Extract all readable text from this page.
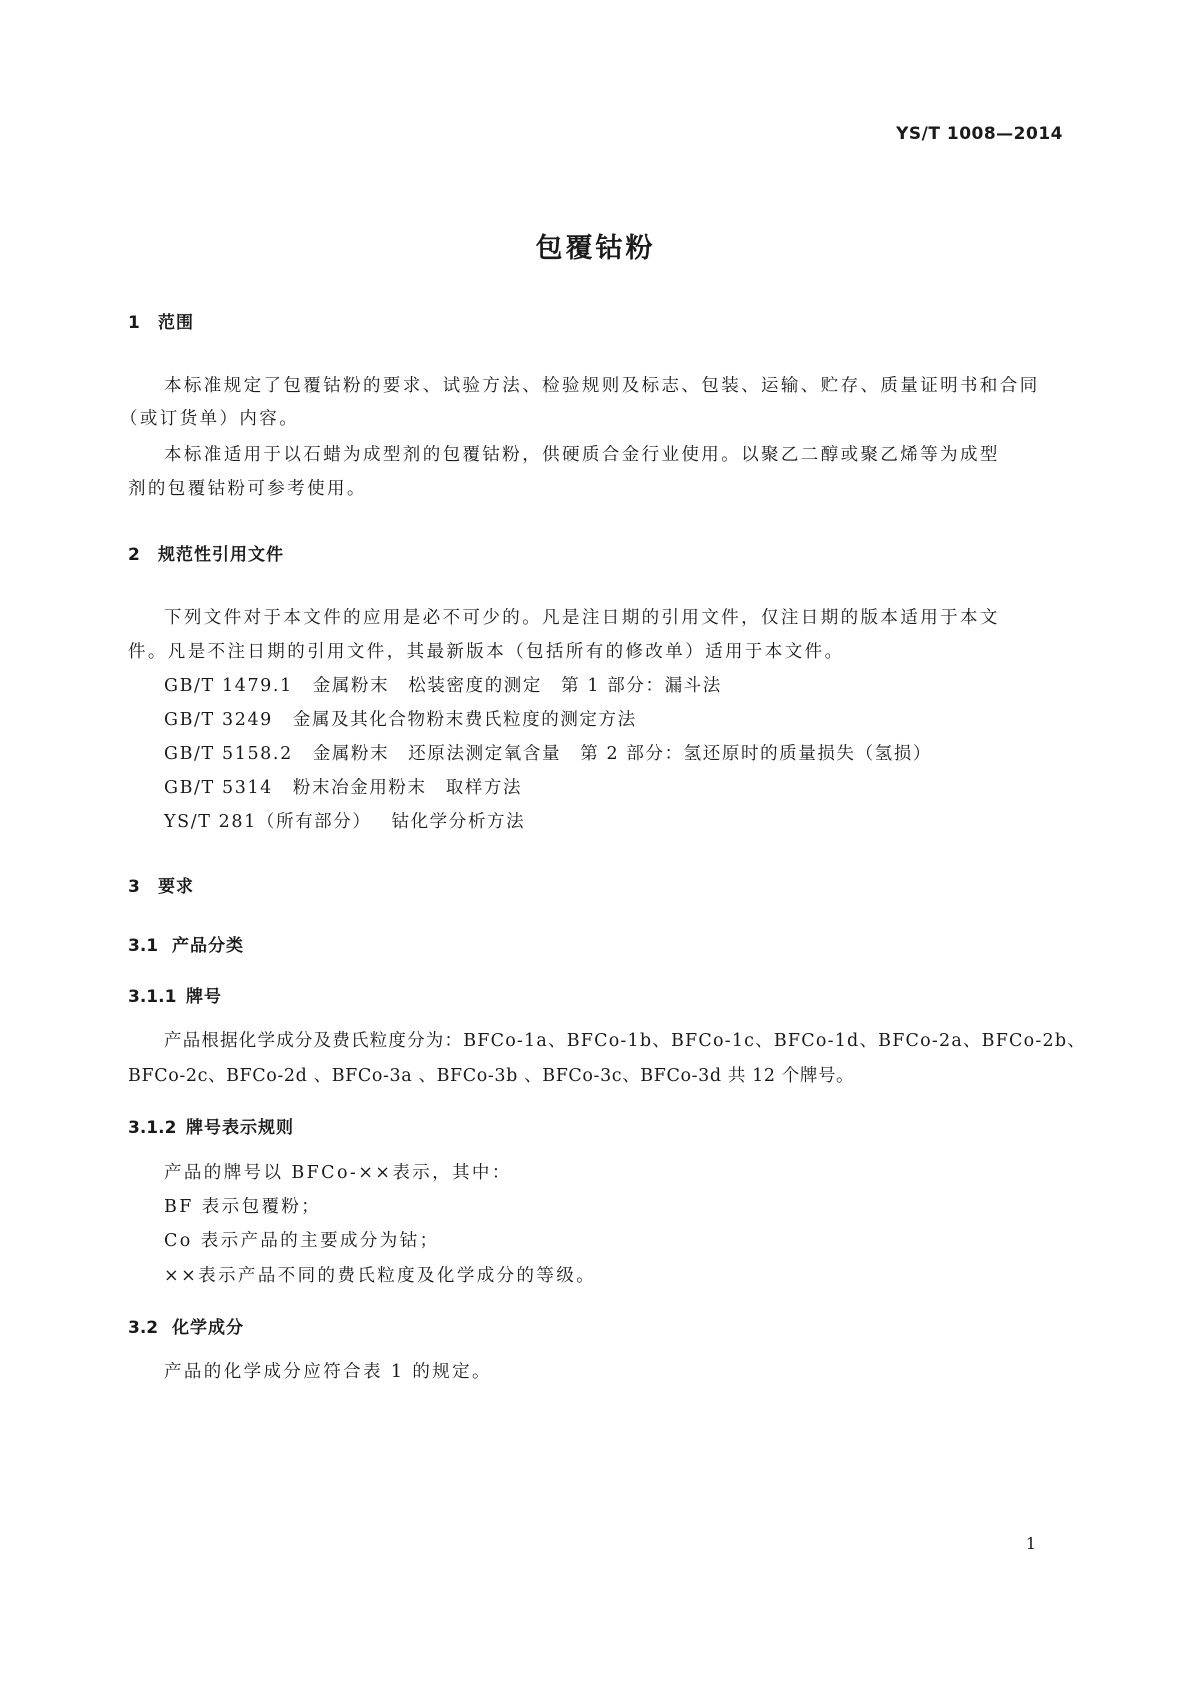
YS/T 1008—2014
包覆钴粉
1 范围
本标准规定了包覆钴粉的要求、试验方法、检验规则及标志、包装、运输、贮存、质量证明书和合同
（或订货单）内容。
本标准适用于以石蜡为成型剂的包覆钴粉，供硬质合金行业使用。以聚乙二醇或聚乙烯等为成型
剂的包覆钴粉可参考使用。
2 规范性引用文件
下列文件对于本文件的应用是必不可少的。凡是注日期的引用文件，仅注日期的版本适用于本文
件。凡是不注日期的引用文件，其最新版本（包括所有的修改单）适用于本文件。
GB/T 1479.1 金属粉末　松装密度的测定　第 1 部分：漏斗法
GB/T 3249 金属及其化合物粉末费氏粒度的测定方法
GB/T 5158.2 金属粉末　还原法测定氧含量　第 2 部分：氢还原时的质量损失（氢损）
GB/T 5314 粉末冶金用粉末　取样方法
YS/T 281（所有部分） 钴化学分析方法
3 要求
3.1 产品分类
3.1.1 牌号
产品根据化学成分及费氏粒度分为：BFCo-1a、BFCo-1b、BFCo-1c、BFCo-1d、BFCo-2a、BFCo-2b、
BFCo-2c、BFCo-2d 、BFCo-3a 、BFCo-3b 、BFCo-3c、BFCo-3d 共 12 个牌号。
3.1.2 牌号表示规则
产品的牌号以 BFCo-××表示，其中：
BF 表示包覆粉；
Co 表示产品的主要成分为钴；
××表示产品不同的费氏粒度及化学成分的等级。
3.2 化学成分
产品的化学成分应符合表 1 的规定。
1
